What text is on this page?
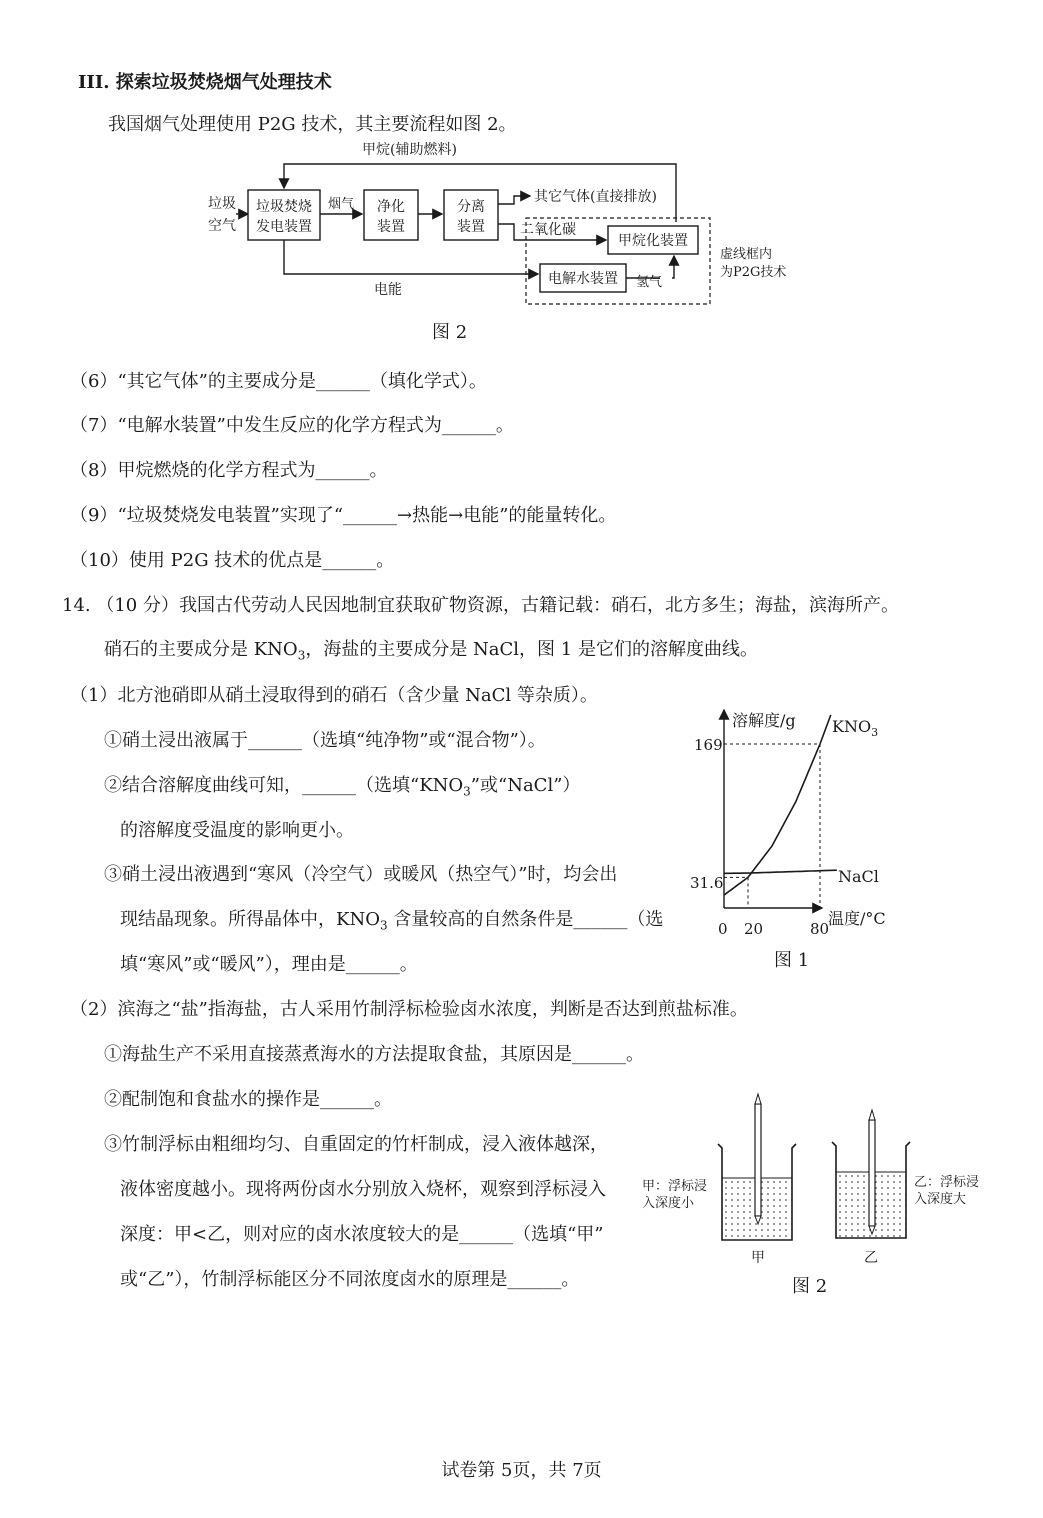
III. 探索垃圾焚烧烟气处理技术
我国烟气处理使用 P2G 技术，其主要流程如图 2。
甲烷(辅助燃料)
垃圾
空气
垃圾焚烧
发电装置
烟气 净化
装置
分离
装置
其它气体(直接排放)
二氧化碳
甲烷化装置
电解水装置 氢气
电能
虚线框内
为P2G技术
图 2
（6）“其它气体”的主要成分是______（填化学式）。
（7）“电解水装置”中发生反应的化学方程式为______。
（8）甲烷燃烧的化学方程式为______。
（9）“垃圾焚烧发电装置”实现了“______→热能→电能”的能量转化。
（10）使用 P2G 技术的优点是______。
14. （10 分）我国古代劳动人民因地制宜获取矿物资源，古籍记载：硝石，北方多生；海盐，滨海所产。
硝石的主要成分是 $KNO_3$，海盐的主要成分是 NaCl，图 1 是它们的溶解度曲线。
（1）北方池硝即从硝土浸取得到的硝石（含少量 NaCl 等杂质）。
①硝土浸出液属于______（选填“纯净物”或“混合物”）。
②结合溶解度曲线可知，______（选填“$KNO_3$”或“NaCl”）
的溶解度受温度的影响更小。
③硝土浸出液遇到“寒风（冷空气）或暖风（热空气）”时，均会出
现结晶现象。所得晶体中，$KNO_3$ 含量较高的自然条件是______（选
填“寒风”或“暖风”），理由是______。
溶解度/g
温度/°C
0 20	80
31.6
169
$KNO_3$
NaCl
图 1
（2）滨海之“盐”指海盐，古人采用竹制浮标检验卤水浓度，判断是否达到煎盐标准。
①海盐生产不采用直接蒸煮海水的方法提取食盐，其原因是______。
②配制饱和食盐水的操作是______。
③竹制浮标由粗细均匀、自重固定的竹杆制成，浸入液体越深，
液体密度越小。现将两份卤水分别放入烧杯，观察到浮标浸入
深度：甲<乙，则对应的卤水浓度较大的是______（选填“甲”
或“乙”），竹制浮标能区分不同浓度卤水的原理是______。
甲：浮标浸
入深度小
乙：浮标浸
入深度大
甲	乙
图 2
试卷第 5页，共 7页
